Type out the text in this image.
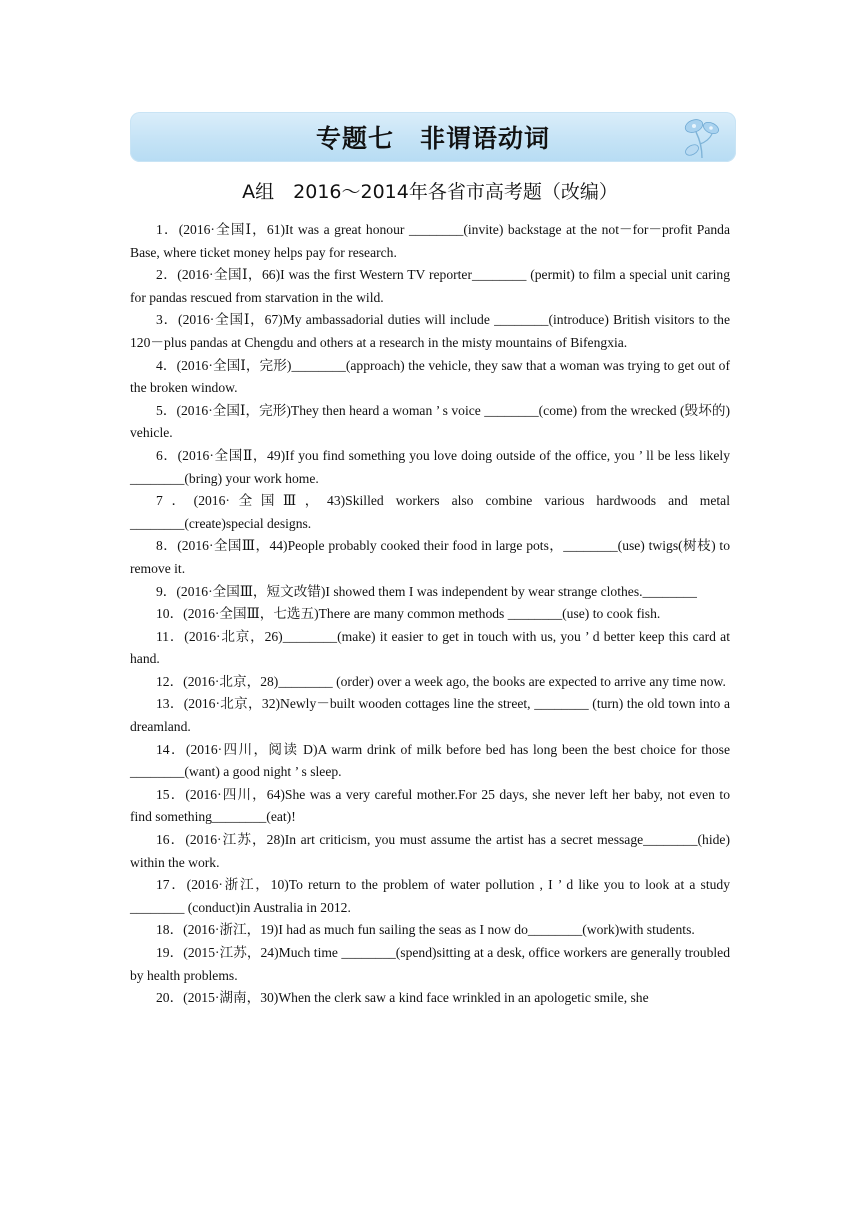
专题七　非谓语动词
A组　2016～2014年各省市高考题（改编）
1．(2016·全国Ⅰ，61)It was a great honour ________(invite) backstage at the not－for－profit Panda Base, where ticket money helps pay for research.
2．(2016·全国Ⅰ，66)I was the first Western TV reporter________ (permit) to film a special unit caring for pandas rescued from starvation in the wild.
3．(2016·全国Ⅰ，67)My ambassadorial duties will include ________(introduce) British visitors to the 120－plus pandas at Chengdu and others at a research in the misty mountains of Bifengxia.
4．(2016·全国Ⅰ，完形)________(approach) the vehicle, they saw that a woman was trying to get out of the broken window.
5．(2016·全国Ⅰ，完形)They then heard a woman ’ s voice ________(come) from the wrecked (毁坏的) vehicle.
6．(2016·全国Ⅱ，49)If you find something you love doing outside of the office, you ’ ll be less likely　________(bring) your work home.
7．(2016·全国Ⅲ，43)Skilled workers also combine various hardwoods and metal ________(create)special designs.
8．(2016·全国Ⅲ，44)People probably cooked their food in large pots，________(use) twigs(树枝) to remove it.
9．(2016·全国Ⅲ，短文改错)I showed them I was independent by wear strange clothes.________
10．(2016·全国Ⅲ，七选五)There are many common methods ________(use) to cook fish.
11．(2016·北京，26)________(make) it easier to get in touch with us, you ’ d better keep this card at hand.
12．(2016·北京，28)________ (order) over a week ago, the books are expected to arrive any time now.
13．(2016·北京，32)Newly－built wooden cottages line the street, ________ (turn) the old town into a dreamland.
14．(2016·四川，阅读 D)A warm drink of milk before bed has long been the best choice for those ________(want) a good night ’ s sleep.
15．(2016·四川，64)She was a very careful mother.For 25 days, she never left her baby, not even to find something________(eat)!
16．(2016·江苏，28)In art criticism, you must assume the artist has a secret message________(hide) within the work.
17．(2016·浙江，10)To return to the problem of water pollution , I ’ d like you to look at a study ________ (conduct)in Australia in 2012.
18．(2016·浙江，19)I had as much fun sailing the seas as I now do________(work)with students.
19．(2015·江苏，24)Much time ________(spend)sitting at a desk, office workers are generally troubled by health problems.
20．(2015·湖南，30)When the clerk saw a kind face wrinkled in an apologetic smile, she
